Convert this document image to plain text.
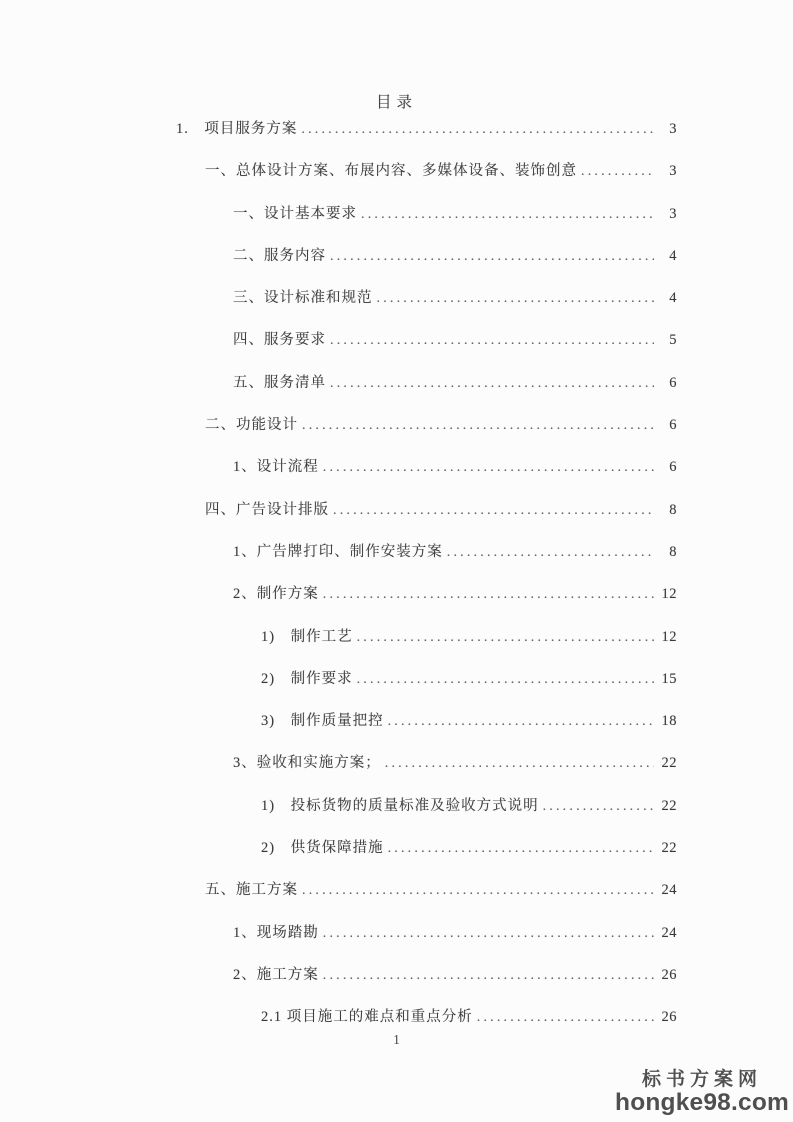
目录
1.　项目服务方案 .....	3
一、总体设计方案、布展内容、多媒体设备、装饰创意 .....	3
一、设计基本要求 .....	3
二、服务内容 .....	4
三、设计标准和规范 .....	4
四、服务要求 .....	5
五、服务清单 .....	6
二、功能设计 .....	6
1、设计流程 .....	6
四、广告设计排版 .....	8
1、广告牌打印、制作安装方案 .....	8
2、制作方案 .....	12
1)　制作工艺 .....	12
2)　制作要求 .....	15
3)　制作质量把控 .....	18
3、验收和实施方案； .....	22
1)　投标货物的质量标准及验收方式说明 .....	22
2)　供货保障措施 .....	22
五、施工方案 .....	24
1、现场踏勘 .....	24
2、施工方案 .....	26
2.1 项目施工的难点和重点分析 .....	26
1
标书方案网
hongke98.com
